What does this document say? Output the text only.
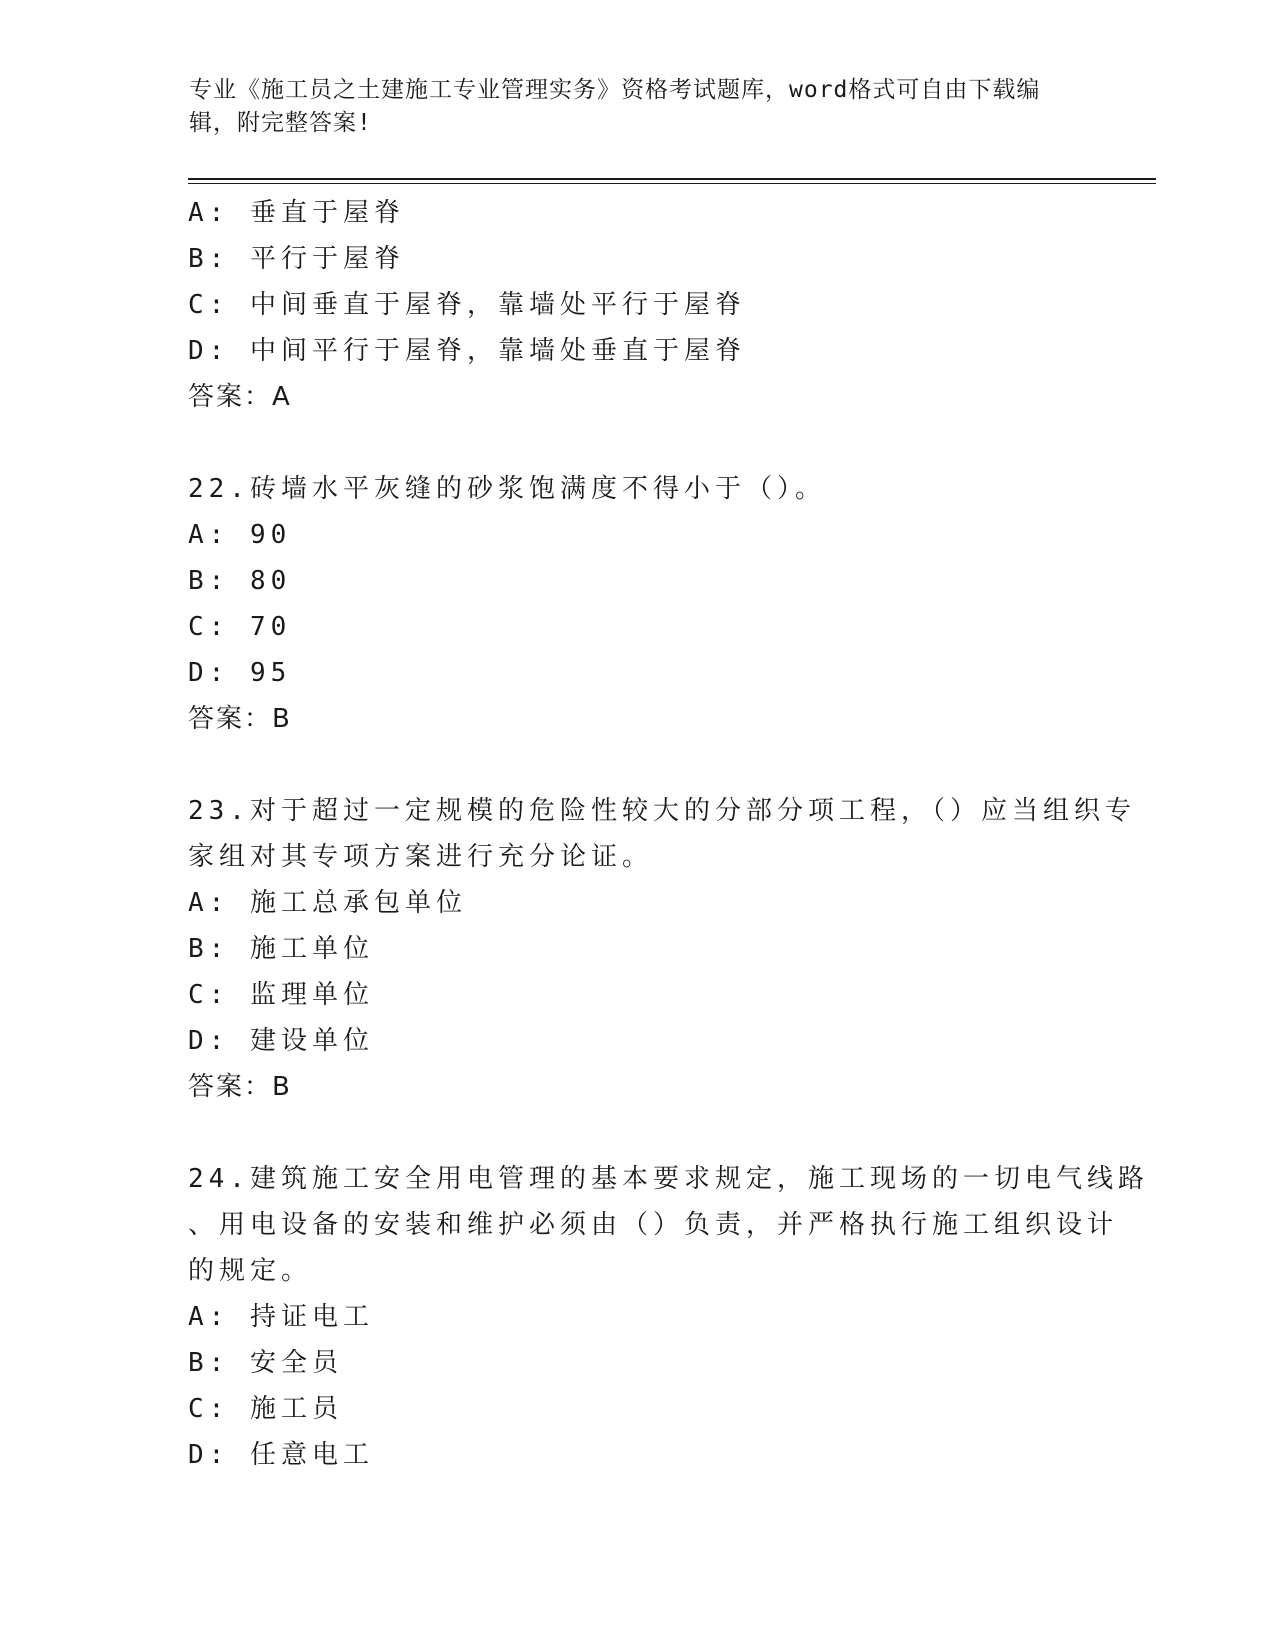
专业《施工员之土建施工专业管理实务》资格考试题库，word格式可自由下载编
辑，附完整答案!
A: 垂直于屋脊
B: 平行于屋脊
C: 中间垂直于屋脊，靠墙处平行于屋脊
D: 中间平行于屋脊，靠墙处垂直于屋脊
答案：A
22.砖墙水平灰缝的砂浆饱满度不得小于（）。
A: 90
B: 80
C: 70
D: 95
答案：B
23.对于超过一定规模的危险性较大的分部分项工程，（）应当组织专
家组对其专项方案进行充分论证。
A: 施工总承包单位
B: 施工单位
C: 监理单位
D: 建设单位
答案：B
24.建筑施工安全用电管理的基本要求规定，施工现场的一切电气线路
、用电设备的安装和维护必须由（）负责，并严格执行施工组织设计
的规定。
A: 持证电工
B: 安全员
C: 施工员
D: 任意电工
